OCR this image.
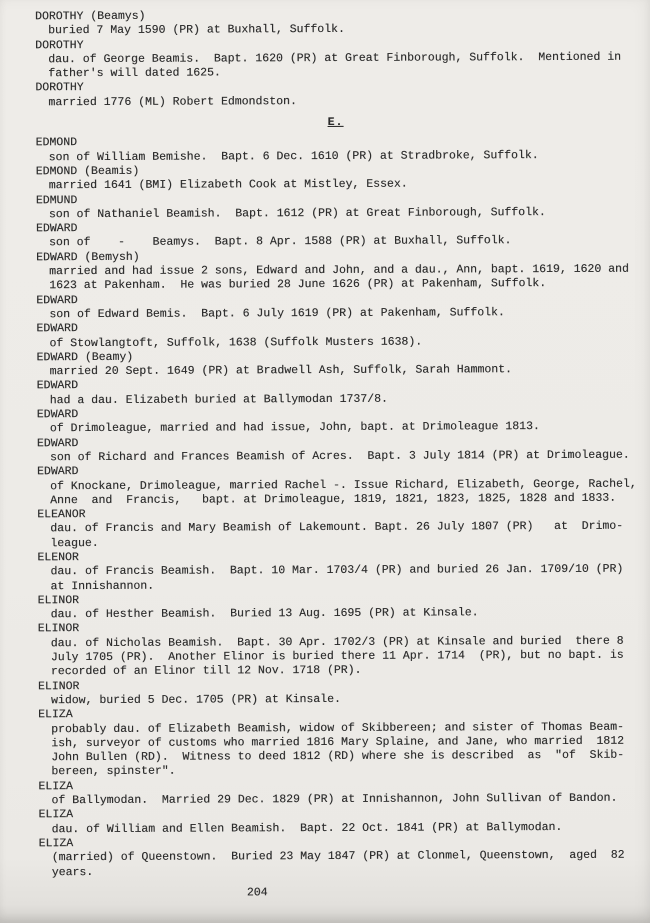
DOROTHY (Beamys)
buried 7 May 1590 (PR) at Buxhall, Suffolk.
DOROTHY
dau. of George Beamis.  Bapt. 1620 (PR) at Great Finborough, Suffolk.  Mentioned in
father's will dated 1625.
DOROTHY
married 1776 (ML) Robert Edmondston.
E.
EDMOND
son of William Bemishe.  Bapt. 6 Dec. 1610 (PR) at Stradbroke, Suffolk.
EDMOND (Beamis)
married 1641 (BMI) Elizabeth Cook at Mistley, Essex.
EDMUND
son of Nathaniel Beamish.  Bapt. 1612 (PR) at Great Finborough, Suffolk.
EDWARD
son of    -    Beamys.  Bapt. 8 Apr. 1588 (PR) at Buxhall, Suffolk.
EDWARD (Bemysh)
married and had issue 2 sons, Edward and John, and a dau., Ann, bapt. 1619, 1620 and
1623 at Pakenham.  He was buried 28 June 1626 (PR) at Pakenham, Suffolk.
EDWARD
son of Edward Bemis.  Bapt. 6 July 1619 (PR) at Pakenham, Suffolk.
EDWARD
of Stowlangtoft, Suffolk, 1638 (Suffolk Musters 1638).
EDWARD (Beamy)
married 20 Sept. 1649 (PR) at Bradwell Ash, Suffolk, Sarah Hammont.
EDWARD
had a dau. Elizabeth buried at Ballymodan 1737/8.
EDWARD
of Drimoleague, married and had issue, John, bapt. at Drimoleague 1813.
EDWARD
son of Richard and Frances Beamish of Acres.  Bapt. 3 July 1814 (PR) at Drimoleague.
EDWARD
of Knockane, Drimoleague, married Rachel -. Issue Richard, Elizabeth, George, Rachel,
Anne  and  Francis,   bapt. at Drimoleague, 1819, 1821, 1823, 1825, 1828 and 1833.
ELEANOR
dau. of Francis and Mary Beamish of Lakemount. Bapt. 26 July 1807 (PR)   at  Drimo-
league.
ELENOR
dau. of Francis Beamish.  Bapt. 10 Mar. 1703/4 (PR) and buried 26 Jan. 1709/10 (PR)
at Innishannon.
ELINOR
dau. of Hesther Beamish.  Buried 13 Aug. 1695 (PR) at Kinsale.
ELINOR
dau. of Nicholas Beamish.  Bapt. 30 Apr. 1702/3 (PR) at Kinsale and buried  there 8
July 1705 (PR).  Another Elinor is buried there 11 Apr. 1714  (PR), but no bapt. is
recorded of an Elinor till 12 Nov. 1718 (PR).
ELINOR
widow, buried 5 Dec. 1705 (PR) at Kinsale.
ELIZA
probably dau. of Elizabeth Beamish, widow of Skibbereen; and sister of Thomas Beam-
ish, surveyor of customs who married 1816 Mary Splaine, and Jane, who married  1812
John Bullen (RD).  Witness to deed 1812 (RD) where she is described  as  "of  Skib-
bereen, spinster".
ELIZA
of Ballymodan.  Married 29 Dec. 1829 (PR) at Innishannon, John Sullivan of Bandon.
ELIZA
dau. of William and Ellen Beamish.  Bapt. 22 Oct. 1841 (PR) at Ballymodan.
ELIZA
(married) of Queenstown.  Buried 23 May 1847 (PR) at Clonmel, Queenstown,  aged  82
years.
204
